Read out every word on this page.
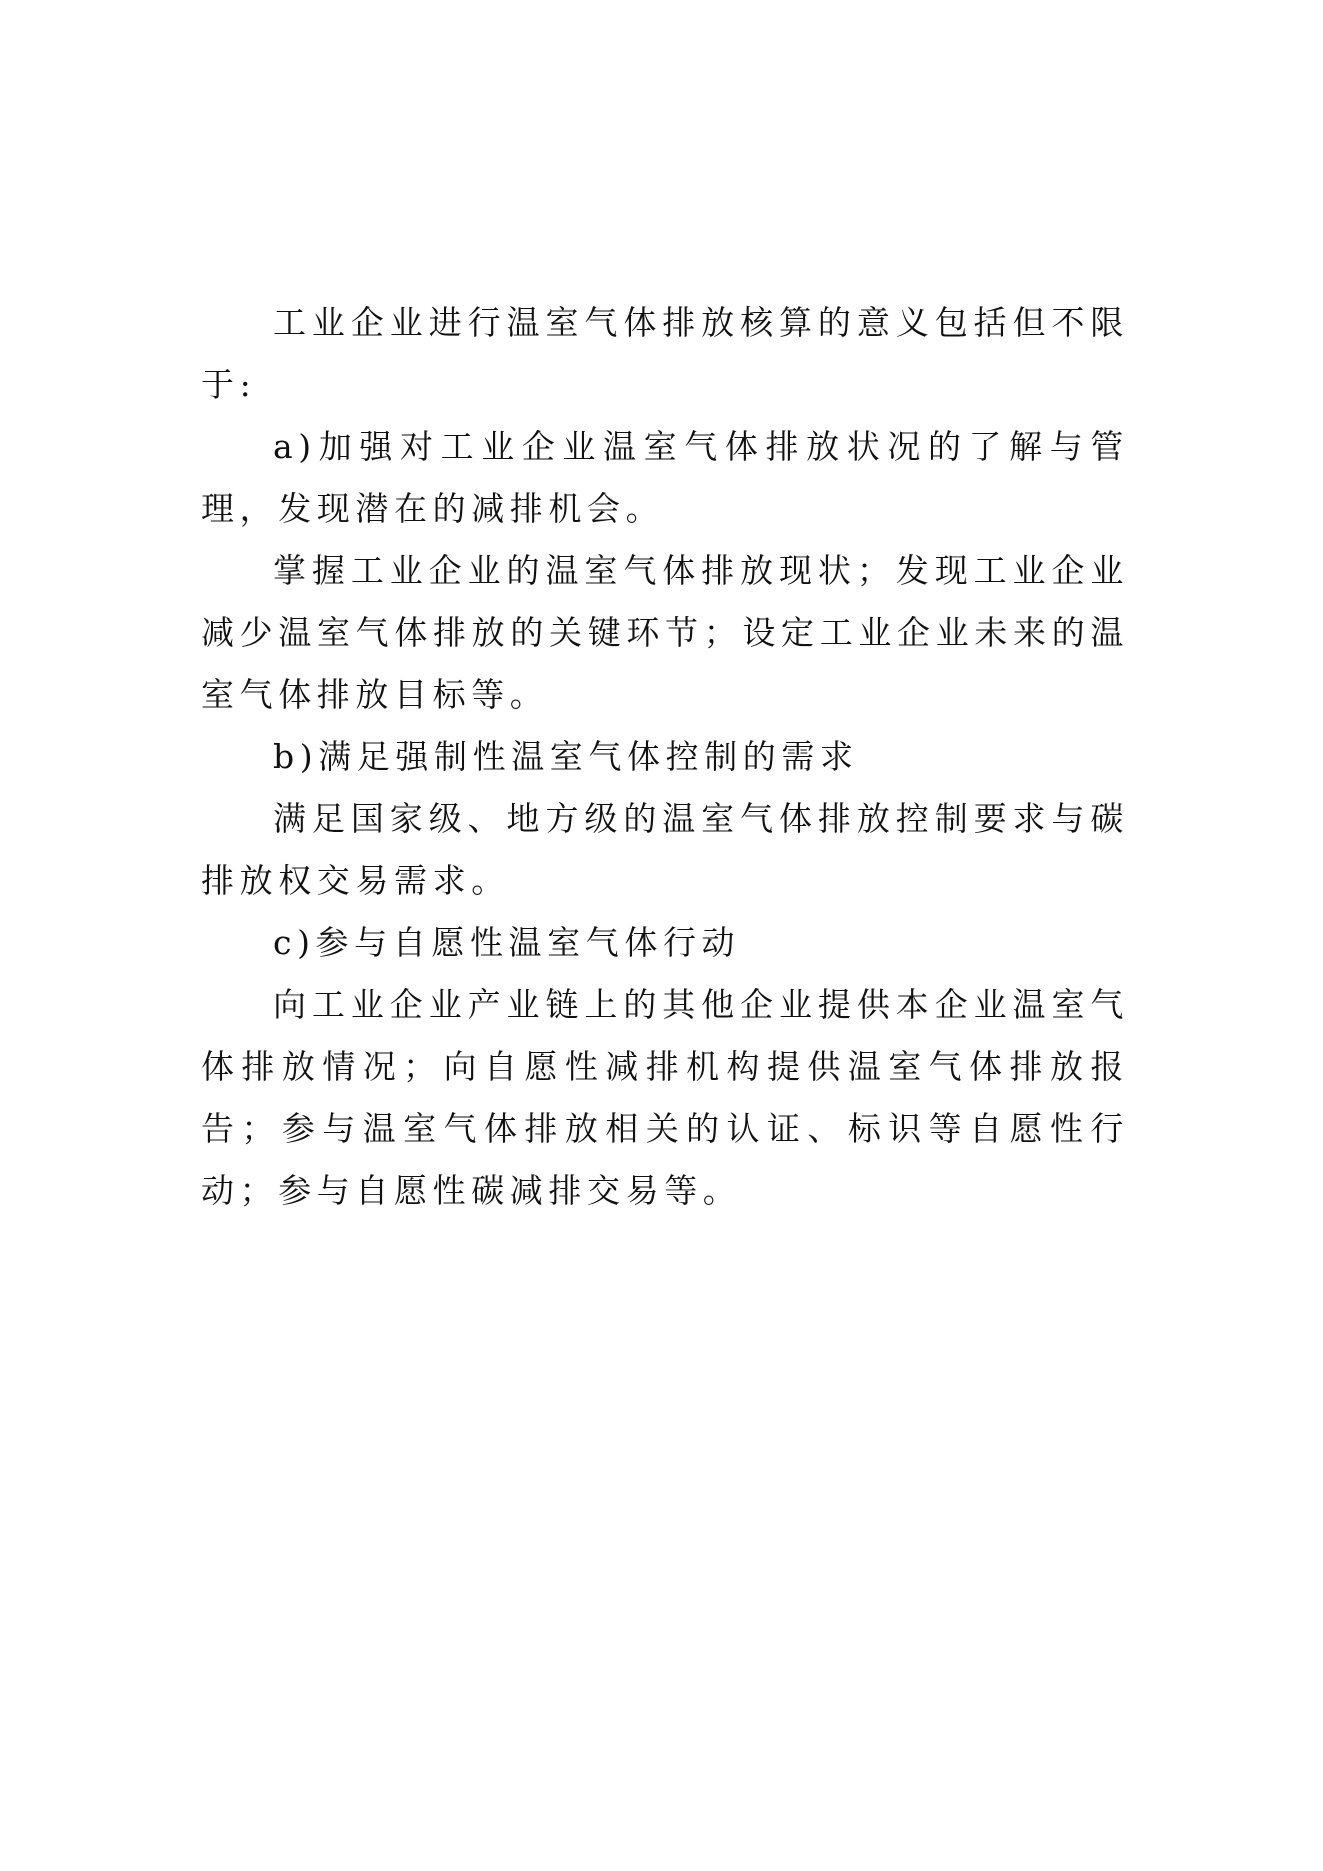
工业企业进行温室气体排放核算的意义包括但不限于:

a)加强对工业企业温室气体排放状况的了解与管理，发现潜在的减排机会。

掌握工业企业的温室气体排放现状；发现工业企业减少温室气体排放的关键环节；设定工业企业未来的温室气体排放目标等。

b)满足强制性温室气体控制的需求

满足国家级、地方级的温室气体排放控制要求与碳排放权交易需求。

c)参与自愿性温室气体行动

向工业企业产业链上的其他企业提供本企业温室气体排放情况；向自愿性减排机构提供温室气体排放报告；参与温室气体排放相关的认证、标识等自愿性行动；参与自愿性碳减排交易等。
